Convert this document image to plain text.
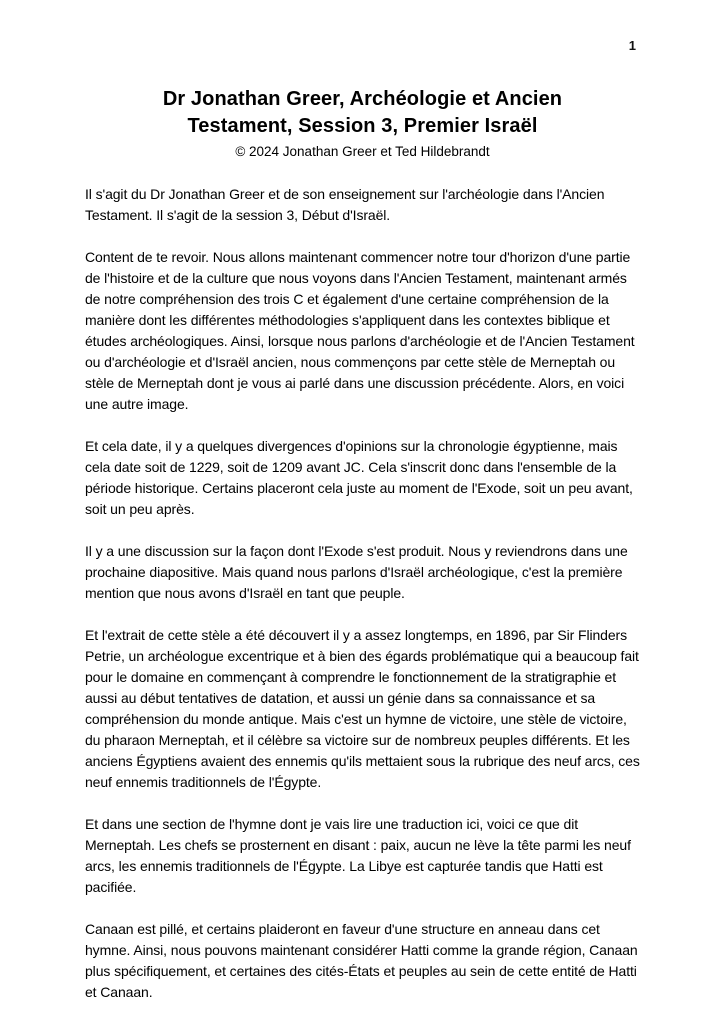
1
Dr Jonathan Greer, Archéologie et Ancien
Testament, Session 3, Premier Israël
© 2024 Jonathan Greer et Ted Hildebrandt

Il s'agit du Dr Jonathan Greer et de son enseignement sur l'archéologie dans l'Ancien Testament. Il s'agit de la session 3, Début d'Israël.

Content de te revoir. Nous allons maintenant commencer notre tour d'horizon d'une partie de l'histoire et de la culture que nous voyons dans l'Ancien Testament, maintenant armés de notre compréhension des trois C et également d'une certaine compréhension de la manière dont les différentes méthodologies s'appliquent dans les contextes biblique et études archéologiques. Ainsi, lorsque nous parlons d'archéologie et de l'Ancien Testament ou d'archéologie et d'Israël ancien, nous commençons par cette stèle de Merneptah ou stèle de Merneptah dont je vous ai parlé dans une discussion précédente. Alors, en voici une autre image.

Et cela date, il y a quelques divergences d'opinions sur la chronologie égyptienne, mais cela date soit de 1229, soit de 1209 avant JC. Cela s'inscrit donc dans l'ensemble de la période historique. Certains placeront cela juste au moment de l'Exode, soit un peu avant, soit un peu après.

Il y a une discussion sur la façon dont l'Exode s'est produit. Nous y reviendrons dans une prochaine diapositive. Mais quand nous parlons d'Israël archéologique, c'est la première mention que nous avons d'Israël en tant que peuple.

Et l'extrait de cette stèle a été découvert il y a assez longtemps, en 1896, par Sir Flinders Petrie, un archéologue excentrique et à bien des égards problématique qui a beaucoup fait pour le domaine en commençant à comprendre le fonctionnement de la stratigraphie et aussi au début tentatives de datation, et aussi un génie dans sa connaissance et sa compréhension du monde antique. Mais c'est un hymne de victoire, une stèle de victoire, du pharaon Merneptah, et il célèbre sa victoire sur de nombreux peuples différents. Et les anciens Égyptiens avaient des ennemis qu'ils mettaient sous la rubrique des neuf arcs, ces neuf ennemis traditionnels de l'Égypte.

Et dans une section de l'hymne dont je vais lire une traduction ici, voici ce que dit Merneptah. Les chefs se prosternent en disant : paix, aucun ne lève la tête parmi les neuf arcs, les ennemis traditionnels de l'Égypte. La Libye est capturée tandis que Hatti est pacifiée.

Canaan est pillé, et certains plaideront en faveur d'une structure en anneau dans cet hymne. Ainsi, nous pouvons maintenant considérer Hatti comme la grande région, Canaan plus spécifiquement, et certaines des cités-États et peuples au sein de cette entité de Hatti et Canaan.
